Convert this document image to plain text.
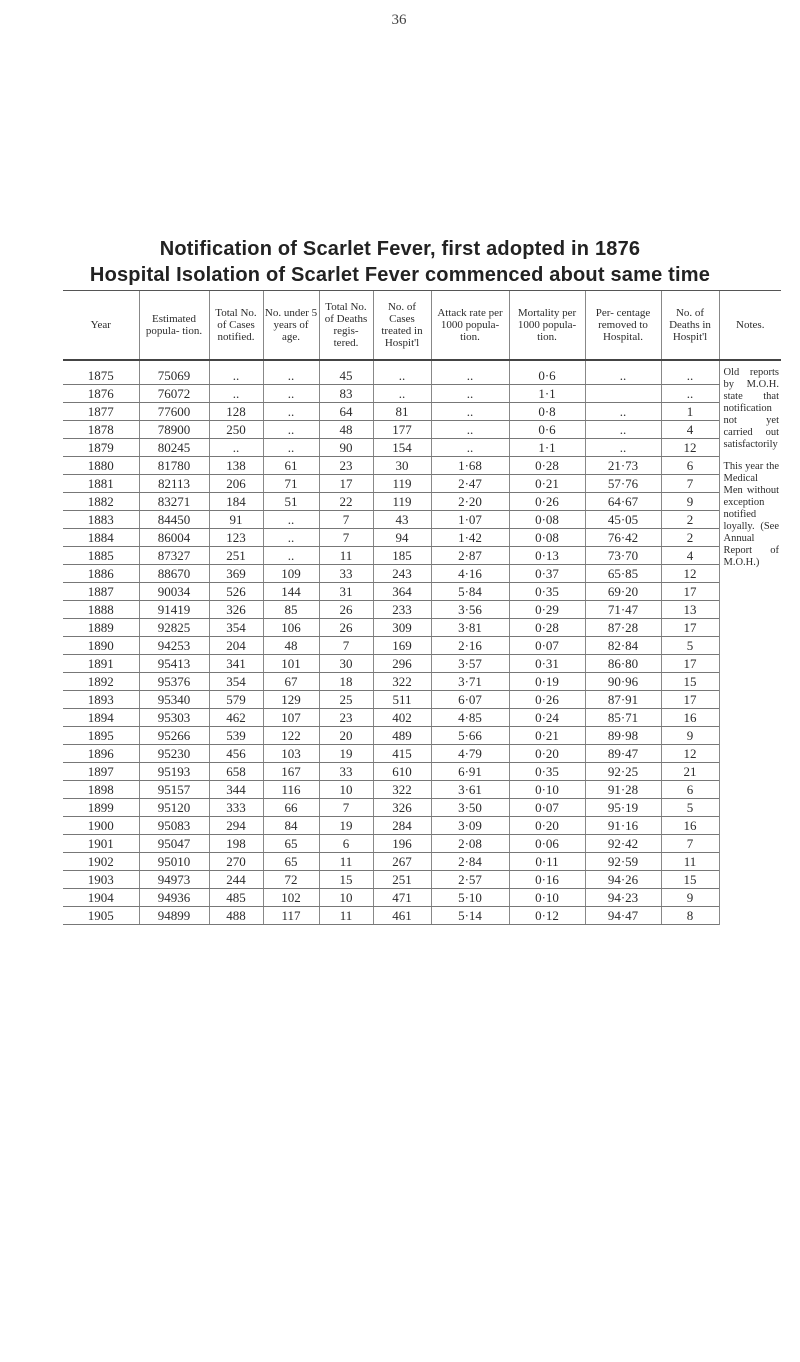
36
Notification of Scarlet Fever, first adopted in 1876
Hospital Isolation of Scarlet Fever commenced about same time
Year	Estimated popula- tion.	Total No. of Cases notified.	No. under 5 years of age.	Total No. of Deaths regis- tered.	No. of Cases treated in Hospit'l	Attack rate per 1000 popula- tion.	Mortality per 1000 popula- tion.	Per- centage removed to Hospital.	No. of Deaths in Hospit'l	Notes.
1875	75069	..	..	45	..	..	0·6	..	..	Old reports by M.O.H. state that notification not yet carried out satisfactorily

This year the Medical Men without exception notified loyally. (See Annual Report of M.O.H.)

1876	76072	..	..	83	..	..	1·1		..	
1877	77600	128	..	64	81	..	0·8	..	1	
1878	78900	250	..	48	177	..	0·6	..	4	
1879	80245	..	..	90	154	..	1·1	..	12	
1880	81780	138	61	23	30	1·68	0·28	21·73	6	
1881	82113	206	71	17	119	2·47	0·21	57·76	7	
1882	83271	184	51	22	119	2·20	0·26	64·67	9	
1883	84450	91	..	7	43	1·07	0·08	45·05	2	
1884	86004	123	..	7	94	1·42	0·08	76·42	2	
1885	87327	251	..	11	185	2·87	0·13	73·70	4	
1886	88670	369	109	33	243	4·16	0·37	65·85	12	
1887	90034	526	144	31	364	5·84	0·35	69·20	17	
1888	91419	326	85	26	233	3·56	0·29	71·47	13	
1889	92825	354	106	26	309	3·81	0·28	87·28	17	
1890	94253	204	48	7	169	2·16	0·07	82·84	5	
1891	95413	341	101	30	296	3·57	0·31	86·80	17	
1892	95376	354	67	18	322	3·71	0·19	90·96	15	
1893	95340	579	129	25	511	6·07	0·26	87·91	17	
1894	95303	462	107	23	402	4·85	0·24	85·71	16	
1895	95266	539	122	20	489	5·66	0·21	89·98	9	
1896	95230	456	103	19	415	4·79	0·20	89·47	12	
1897	95193	658	167	33	610	6·91	0·35	92·25	21	
1898	95157	344	116	10	322	3·61	0·10	91·28	6	
1899	95120	333	66	7	326	3·50	0·07	95·19	5	
1900	95083	294	84	19	284	3·09	0·20	91·16	16	
1901	95047	198	65	6	196	2·08	0·06	92·42	7	
1902	95010	270	65	11	267	2·84	0·11	92·59	11	
1903	94973	244	72	15	251	2·57	0·16	94·26	15	
1904	94936	485	102	10	471	5·10	0·10	94·23	9	
1905	94899	488	117	11	461	5·14	0·12	94·47	8	
